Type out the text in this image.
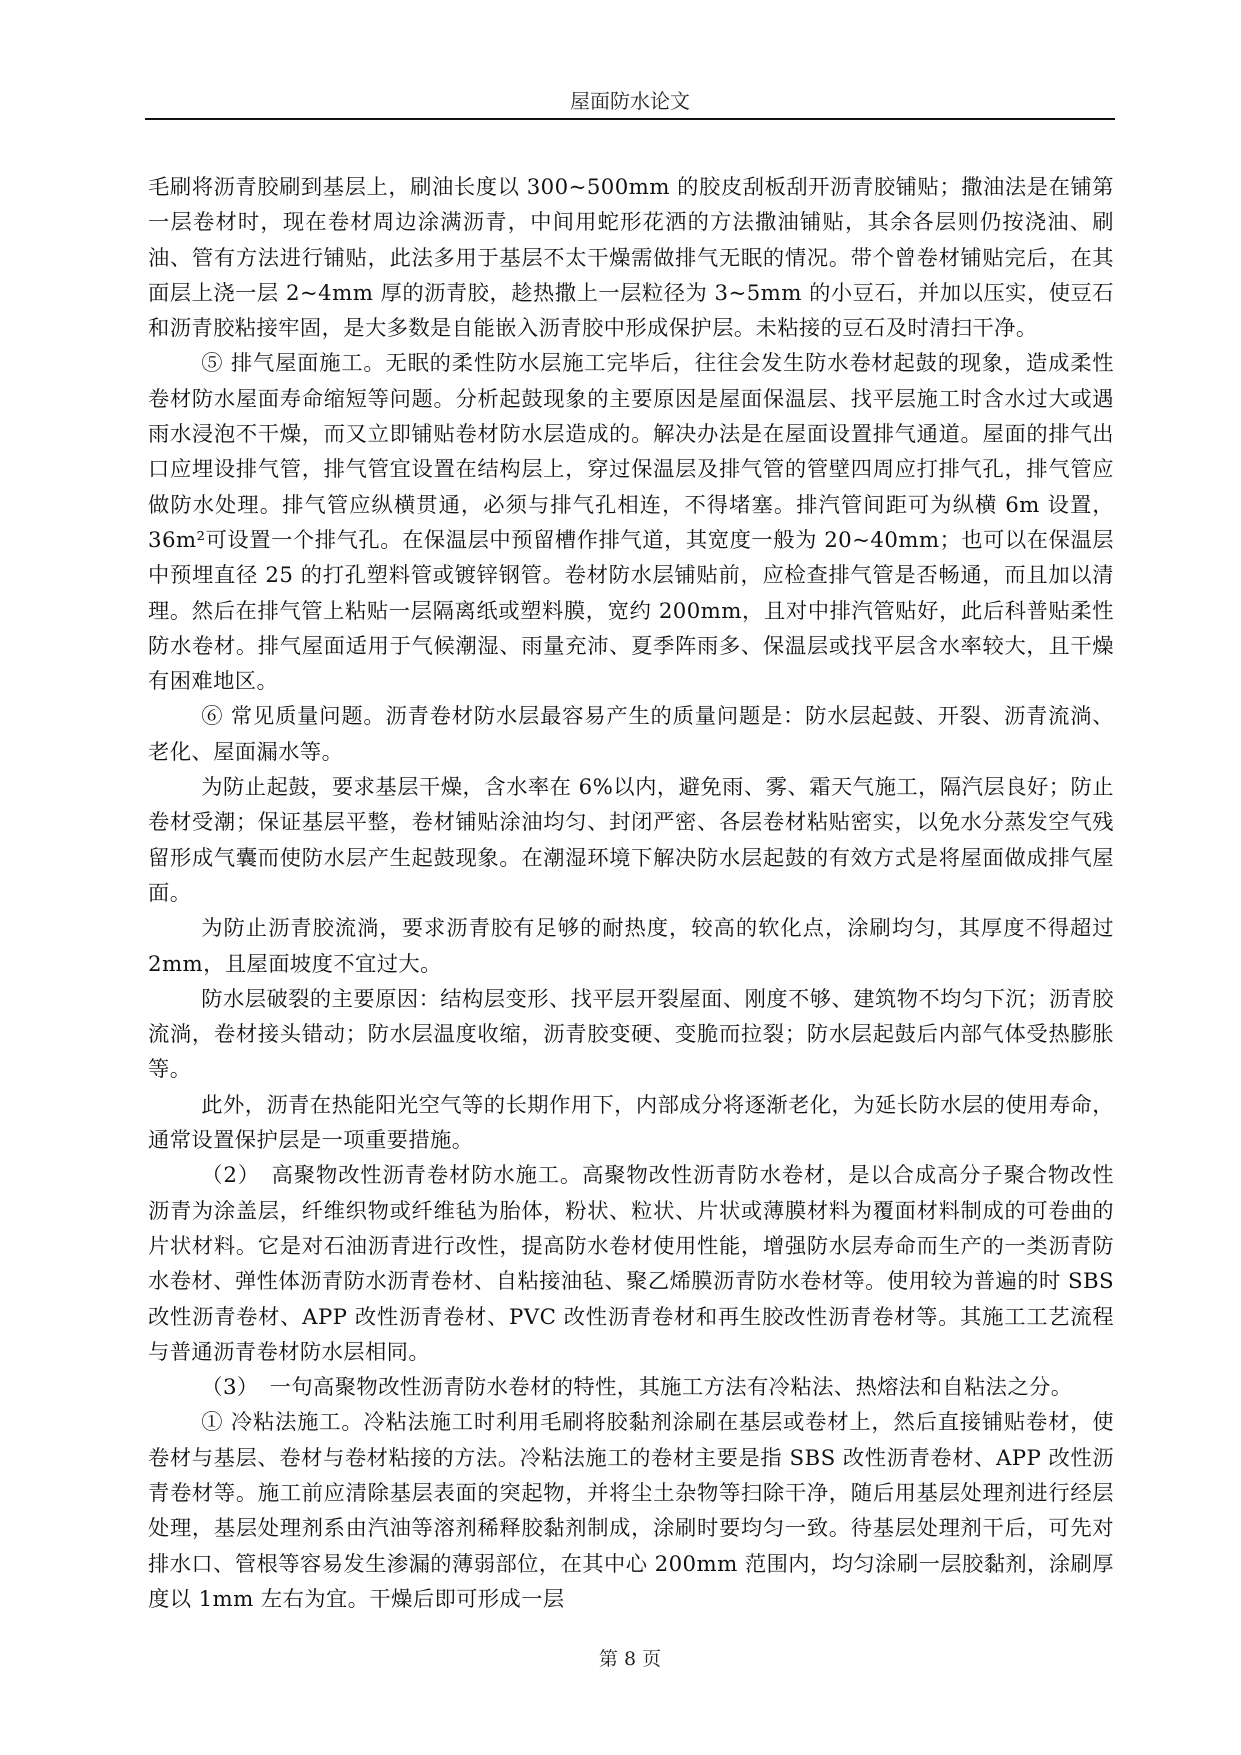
屋面防水论文

毛刷将沥青胶刷到基层上，刷油长度以 300~500mm 的胶皮刮板刮开沥青胶铺贴；撒油法是在铺第一层卷材时，现在卷材周边涂满沥青，中间用蛇形花洒的方法撒油铺贴，其余各层则仍按浇油、刷油、管有方法进行铺贴，此法多用于基层不太干燥需做排气无眠的情况。带个曾卷材铺贴完后，在其面层上浇一层 2~4mm 厚的沥青胶，趁热撒上一层粒径为 3~5mm 的小豆石，并加以压实，使豆石和沥青胶粘接牢固，是大多数是自能嵌入沥青胶中形成保护层。未粘接的豆石及时清扫干净。

⑤ 排气屋面施工。无眠的柔性防水层施工完毕后，往往会发生防水卷材起鼓的现象，造成柔性卷材防水屋面寿命缩短等问题。分析起鼓现象的主要原因是屋面保温层、找平层施工时含水过大或遇雨水浸泡不干燥，而又立即铺贴卷材防水层造成的。解决办法是在屋面设置排气通道。屋面的排气出口应埋设排气管，排气管宜设置在结构层上，穿过保温层及排气管的管壁四周应打排气孔，排气管应做防水处理。排气管应纵横贯通，必须与排气孔相连，不得堵塞。排汽管间距可为纵横 6m 设置，36m²可设置一个排气孔。在保温层中预留槽作排气道，其宽度一般为 20~40mm；也可以在保温层中预埋直径 25 的打孔塑料管或镀锌钢管。卷材防水层铺贴前，应检查排气管是否畅通，而且加以清理。然后在排气管上粘贴一层隔离纸或塑料膜，宽约 200mm，且对中排汽管贴好，此后科普贴柔性防水卷材。排气屋面适用于气候潮湿、雨量充沛、夏季阵雨多、保温层或找平层含水率较大，且干燥有困难地区。

⑥ 常见质量问题。沥青卷材防水层最容易产生的质量问题是：防水层起鼓、开裂、沥青流淌、老化、屋面漏水等。

为防止起鼓，要求基层干燥，含水率在 6%以内，避免雨、雾、霜天气施工，隔汽层良好；防止卷材受潮；保证基层平整，卷材铺贴涂油均匀、封闭严密、各层卷材粘贴密实，以免水分蒸发空气残留形成气囊而使防水层产生起鼓现象。在潮湿环境下解决防水层起鼓的有效方式是将屋面做成排气屋面。

为防止沥青胶流淌，要求沥青胶有足够的耐热度，较高的软化点，涂刷均匀，其厚度不得超过 2mm，且屋面坡度不宜过大。

防水层破裂的主要原因：结构层变形、找平层开裂屋面、刚度不够、建筑物不均匀下沉；沥青胶流淌，卷材接头错动；防水层温度收缩，沥青胶变硬、变脆而拉裂；防水层起鼓后内部气体受热膨胀等。

此外，沥青在热能阳光空气等的长期作用下，内部成分将逐渐老化，为延长防水层的使用寿命，通常设置保护层是一项重要措施。

（2）　高聚物改性沥青卷材防水施工。高聚物改性沥青防水卷材，是以合成高分子聚合物改性沥青为涂盖层，纤维织物或纤维毡为胎体，粉状、粒状、片状或薄膜材料为覆面材料制成的可卷曲的片状材料。它是对石油沥青进行改性，提高防水卷材使用性能，增强防水层寿命而生产的一类沥青防水卷材、弹性体沥青防水沥青卷材、自粘接油毡、聚乙烯膜沥青防水卷材等。使用较为普遍的时 SBS 改性沥青卷材、APP 改性沥青卷材、PVC 改性沥青卷材和再生胶改性沥青卷材等。其施工工艺流程与普通沥青卷材防水层相同。

（3）　一句高聚物改性沥青防水卷材的特性，其施工方法有冷粘法、热熔法和自粘法之分。

① 冷粘法施工。冷粘法施工时利用毛刷将胶黏剂涂刷在基层或卷材上，然后直接铺贴卷材，使卷材与基层、卷材与卷材粘接的方法。冷粘法施工的卷材主要是指 SBS 改性沥青卷材、APP 改性沥青卷材等。施工前应清除基层表面的突起物，并将尘土杂物等扫除干净，随后用基层处理剂进行经层处理，基层处理剂系由汽油等溶剂稀释胶黏剂制成，涂刷时要均匀一致。待基层处理剂干后，可先对排水口、管根等容易发生渗漏的薄弱部位，在其中心 200mm 范围内，均匀涂刷一层胶黏剂，涂刷厚度以 1mm 左右为宜。干燥后即可形成一层

第 8 页
